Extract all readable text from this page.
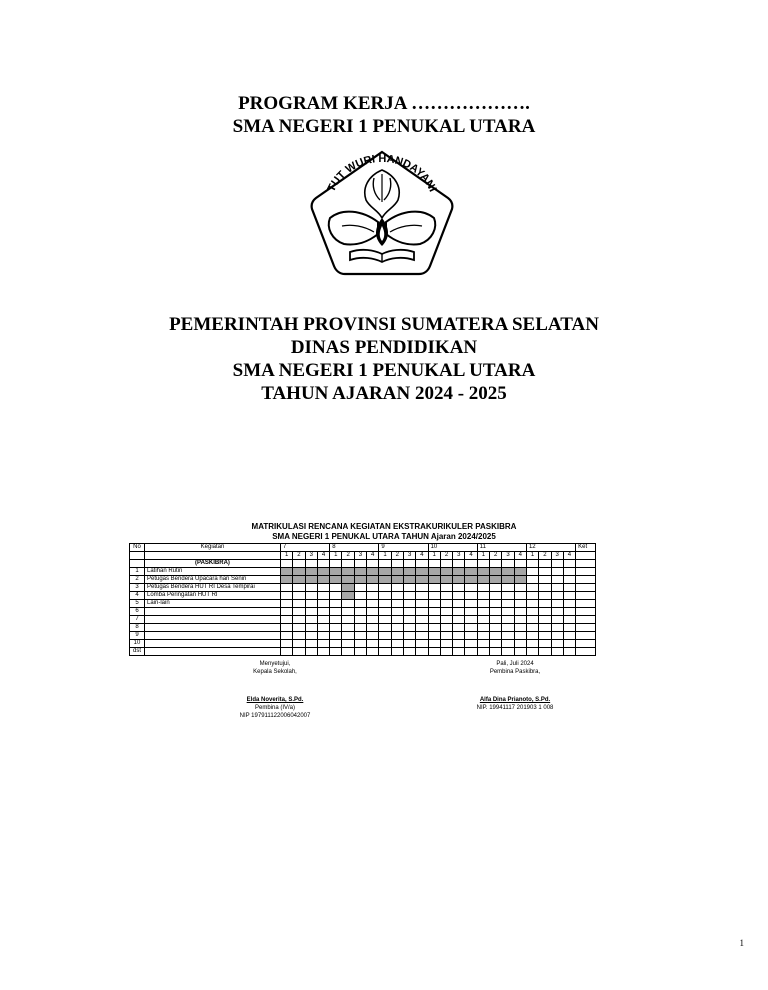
PROGRAM KERJA ……………….
SMA NEGERI 1 PENUKAL UTARA
TUT WURI HANDAYANI
PEMERINTAH PROVINSI SUMATERA SELATAN
DINAS PENDIDIKAN
SMA NEGERI 1 PENUKAL UTARA
TAHUN AJARAN 2024 - 2025
MATRIKULASI RENCANA KEGIATAN EKSTRAKURIKULER PASKIBRA
SMA NEGERI 1 PENUKAL UTARA TAHUN Ajaran 2024/2025
No	Kegiatan	7				8				9				10				11				12				Ket
		1	2	3	4	1	2	3	4	1	2	3	4	1	2	3	4	1	2	3	4	1	2	3	4	
	(PASKIBRA)																									
1	Latihan Rutin																									
2	Petugas Bendera Upacara hari Senin																									
3	Petugas Bendera HUT RI Desa Tempirai																									
4	Lomba Peringatan HUT RI																									
5	Lain-lain																									
6																										
7																										
8																										
9																										
10																										
dst																										
Menyetujui,
Kepala Sekolah,
Elda Noverita, S.Pd.
Pembina (IV/a)
NIP 197911122006042007
Pali, Juli 2024
Pembina Paskibra,
Alfa Dina Prianoto, S.Pd.
NIP. 19941117 201903 1 008
1
